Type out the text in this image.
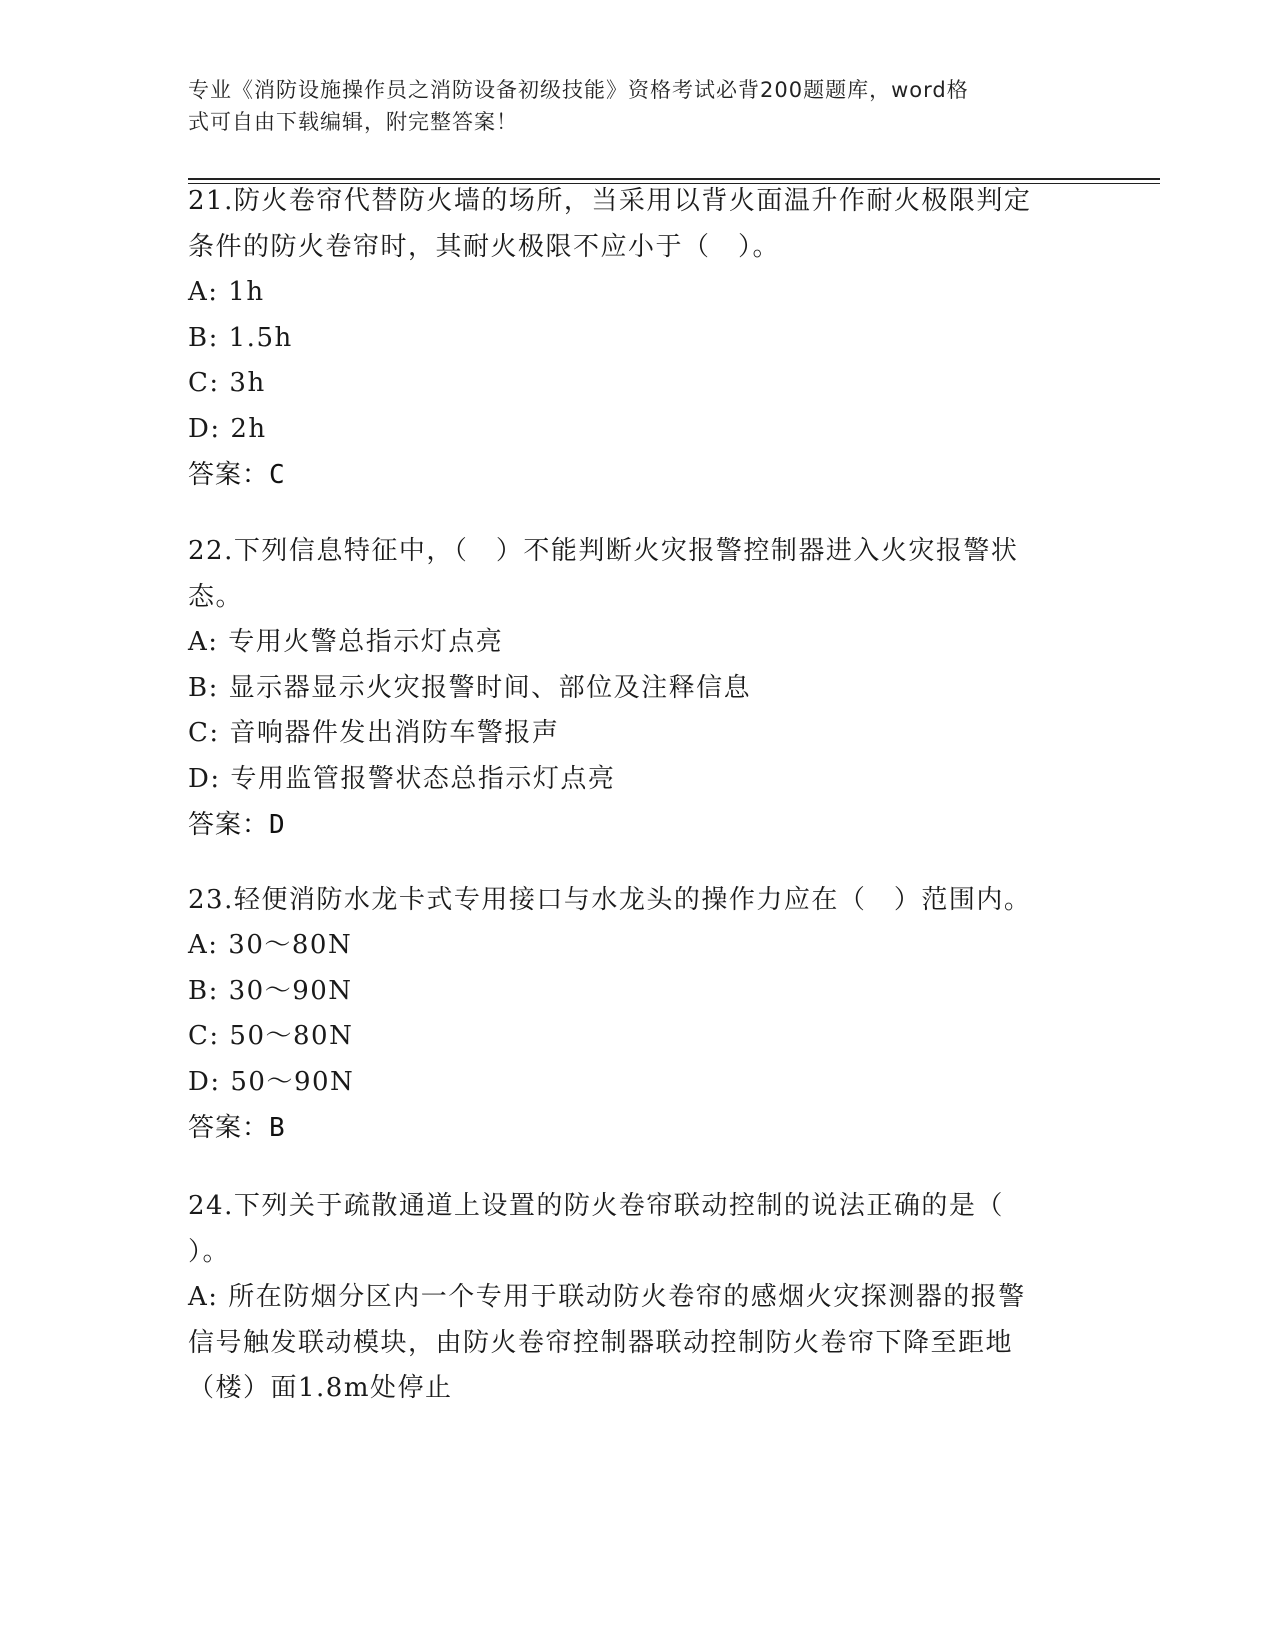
专业《消防设施操作员之消防设备初级技能》资格考试必背200题题库，word格
式可自由下载编辑，附完整答案！

21.防火卷帘代替防火墙的场所，当采用以背火面温升作耐火极限判定

条件的防火卷帘时，其耐火极限不应小于（　）。

A: 1h

B: 1.5h

C: 3h

D: 2h

答案：C

22.下列信息特征中，（　）不能判断火灾报警控制器进入火灾报警状

态。

A: 专用火警总指示灯点亮

B: 显示器显示火灾报警时间、部位及注释信息

C: 音响器件发出消防车警报声

D: 专用监管报警状态总指示灯点亮

答案：D

23.轻便消防水龙卡式专用接口与水龙头的操作力应在（　）范围内。

A: 30～80N

B: 30～90N

C: 50～80N

D: 50～90N

答案：B

24.下列关于疏散通道上设置的防火卷帘联动控制的说法正确的是（

）。

A: 所在防烟分区内一个专用于联动防火卷帘的感烟火灾探测器的报警

信号触发联动模块，由防火卷帘控制器联动控制防火卷帘下降至距地

（楼）面1.8m处停止
